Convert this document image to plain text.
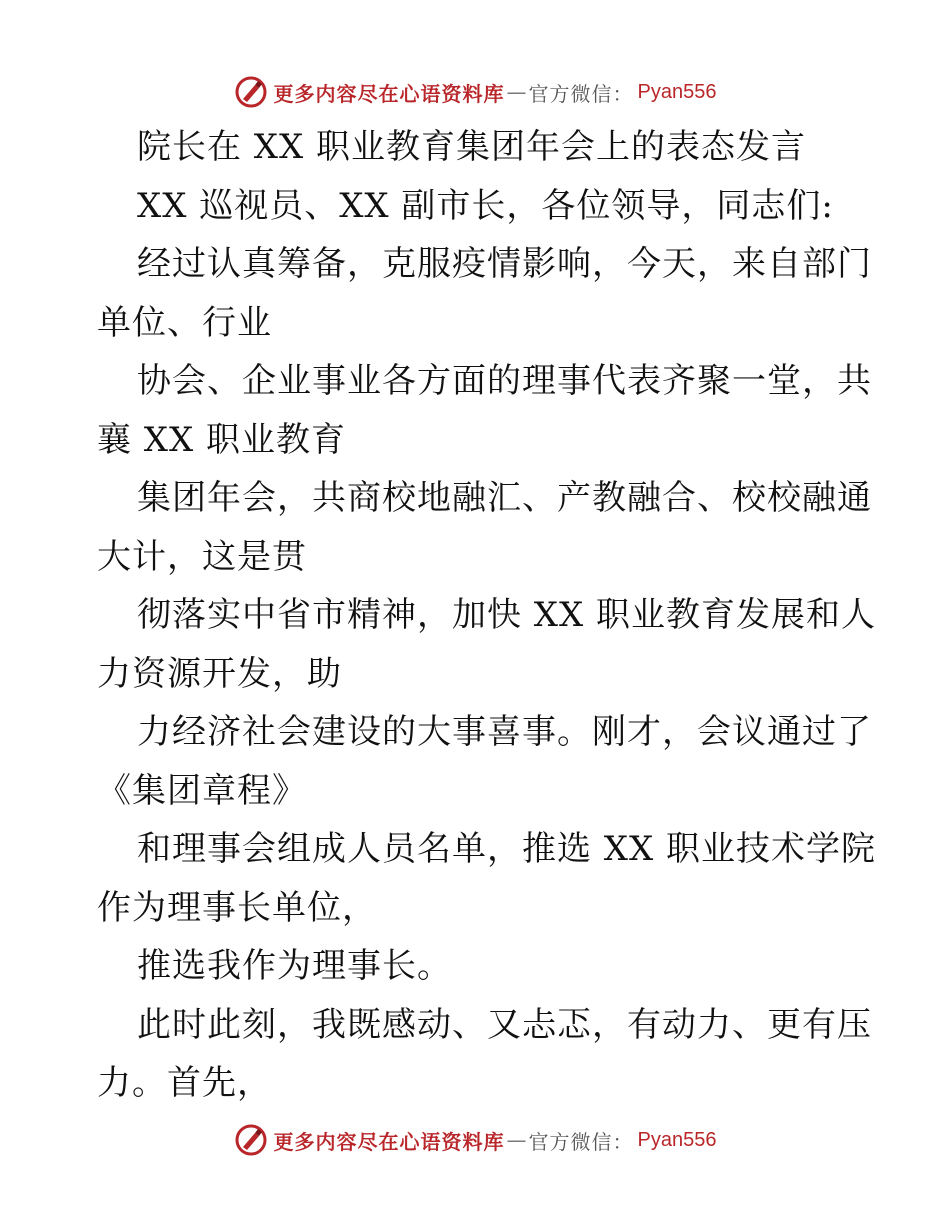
更多内容尽在心语资料库 — 官方微信： Pyan556
院长在 XX 职业教育集团年会上的表态发言
XX 巡视员、XX 副市长，各位领导，同志们:
经过认真筹备，克服疫情影响，今天，来自部门
单位、行业
协会、企业事业各方面的理事代表齐聚一堂，共
襄 XX 职业教育
集团年会，共商校地融汇、产教融合、校校融通
大计，这是贯
彻落实中省市精神，加快 XX 职业教育发展和人
力资源开发，助
力经济社会建设的大事喜事。刚才，会议通过了
《集团章程》
和理事会组成人员名单，推选 XX 职业技术学院
作为理事长单位，
推选我作为理事长。
此时此刻，我既感动、又忐忑，有动力、更有压
力。首先，
更多内容尽在心语资料库 — 官方微信： Pyan556
